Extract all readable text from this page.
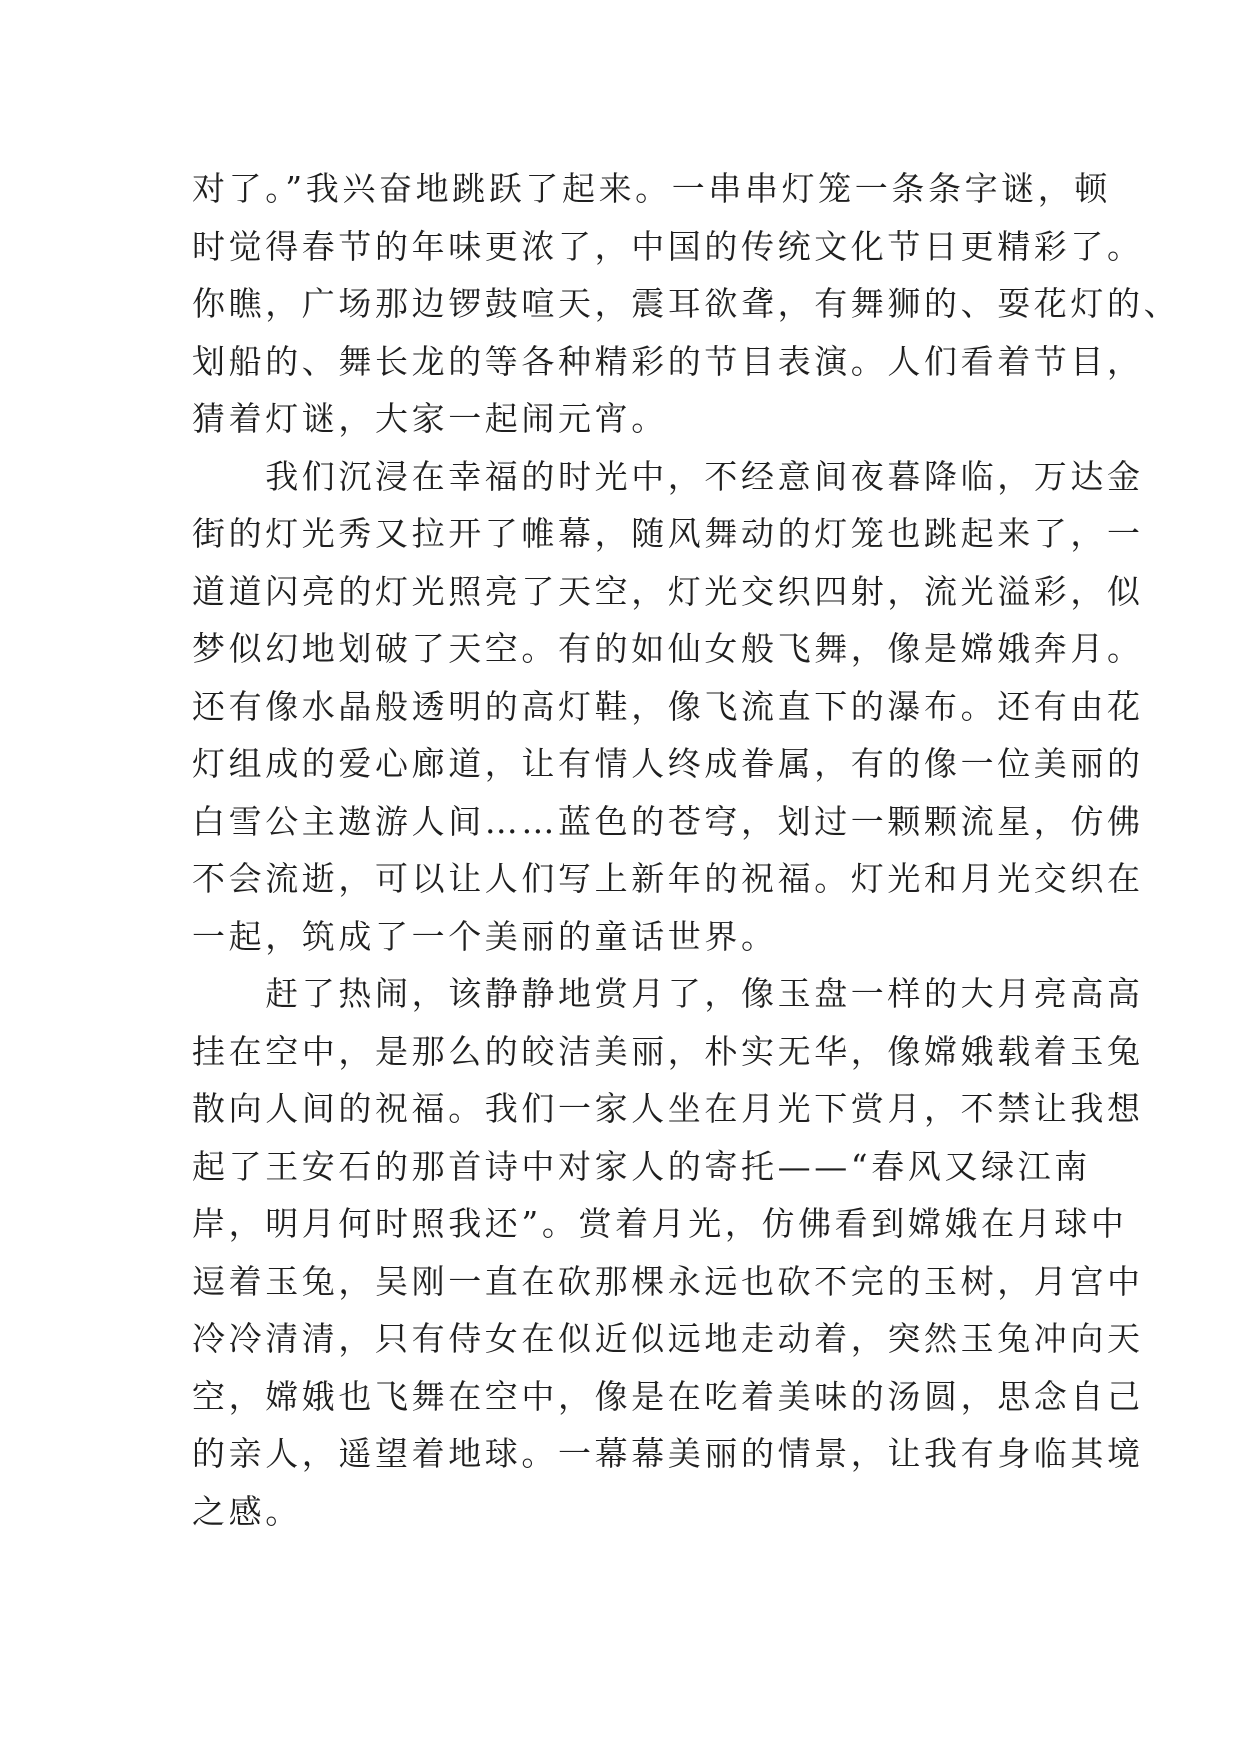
对了。”我兴奋地跳跃了起来。一串串灯笼一条条字谜，顿
时觉得春节的年味更浓了，中国的传统文化节日更精彩了。
你瞧，广场那边锣鼓喧天，震耳欲聋，有舞狮的、耍花灯的、
划船的、舞长龙的等各种精彩的节目表演。人们看着节目，
猜着灯谜，大家一起闹元宵。
　　我们沉浸在幸福的时光中，不经意间夜暮降临，万达金
街的灯光秀又拉开了帷幕，随风舞动的灯笼也跳起来了，一
道道闪亮的灯光照亮了天空，灯光交织四射，流光溢彩，似
梦似幻地划破了天空。有的如仙女般飞舞，像是嫦娥奔月。
还有像水晶般透明的高灯鞋，像飞流直下的瀑布。还有由花
灯组成的爱心廊道，让有情人终成眷属，有的像一位美丽的
白雪公主遨游人间……蓝色的苍穹，划过一颗颗流星，仿佛
不会流逝，可以让人们写上新年的祝福。灯光和月光交织在
一起，筑成了一个美丽的童话世界。
　　赶了热闹，该静静地赏月了，像玉盘一样的大月亮高高
挂在空中，是那么的皎洁美丽，朴实无华，像嫦娥载着玉兔
散向人间的祝福。我们一家人坐在月光下赏月，不禁让我想
起了王安石的那首诗中对家人的寄托——“春风又绿江南
岸，明月何时照我还”。赏着月光，仿佛看到嫦娥在月球中
逗着玉兔，吴刚一直在砍那棵永远也砍不完的玉树，月宫中
冷冷清清，只有侍女在似近似远地走动着，突然玉兔冲向天
空，嫦娥也飞舞在空中，像是在吃着美味的汤圆，思念自己
的亲人，遥望着地球。一幕幕美丽的情景，让我有身临其境
之感。
